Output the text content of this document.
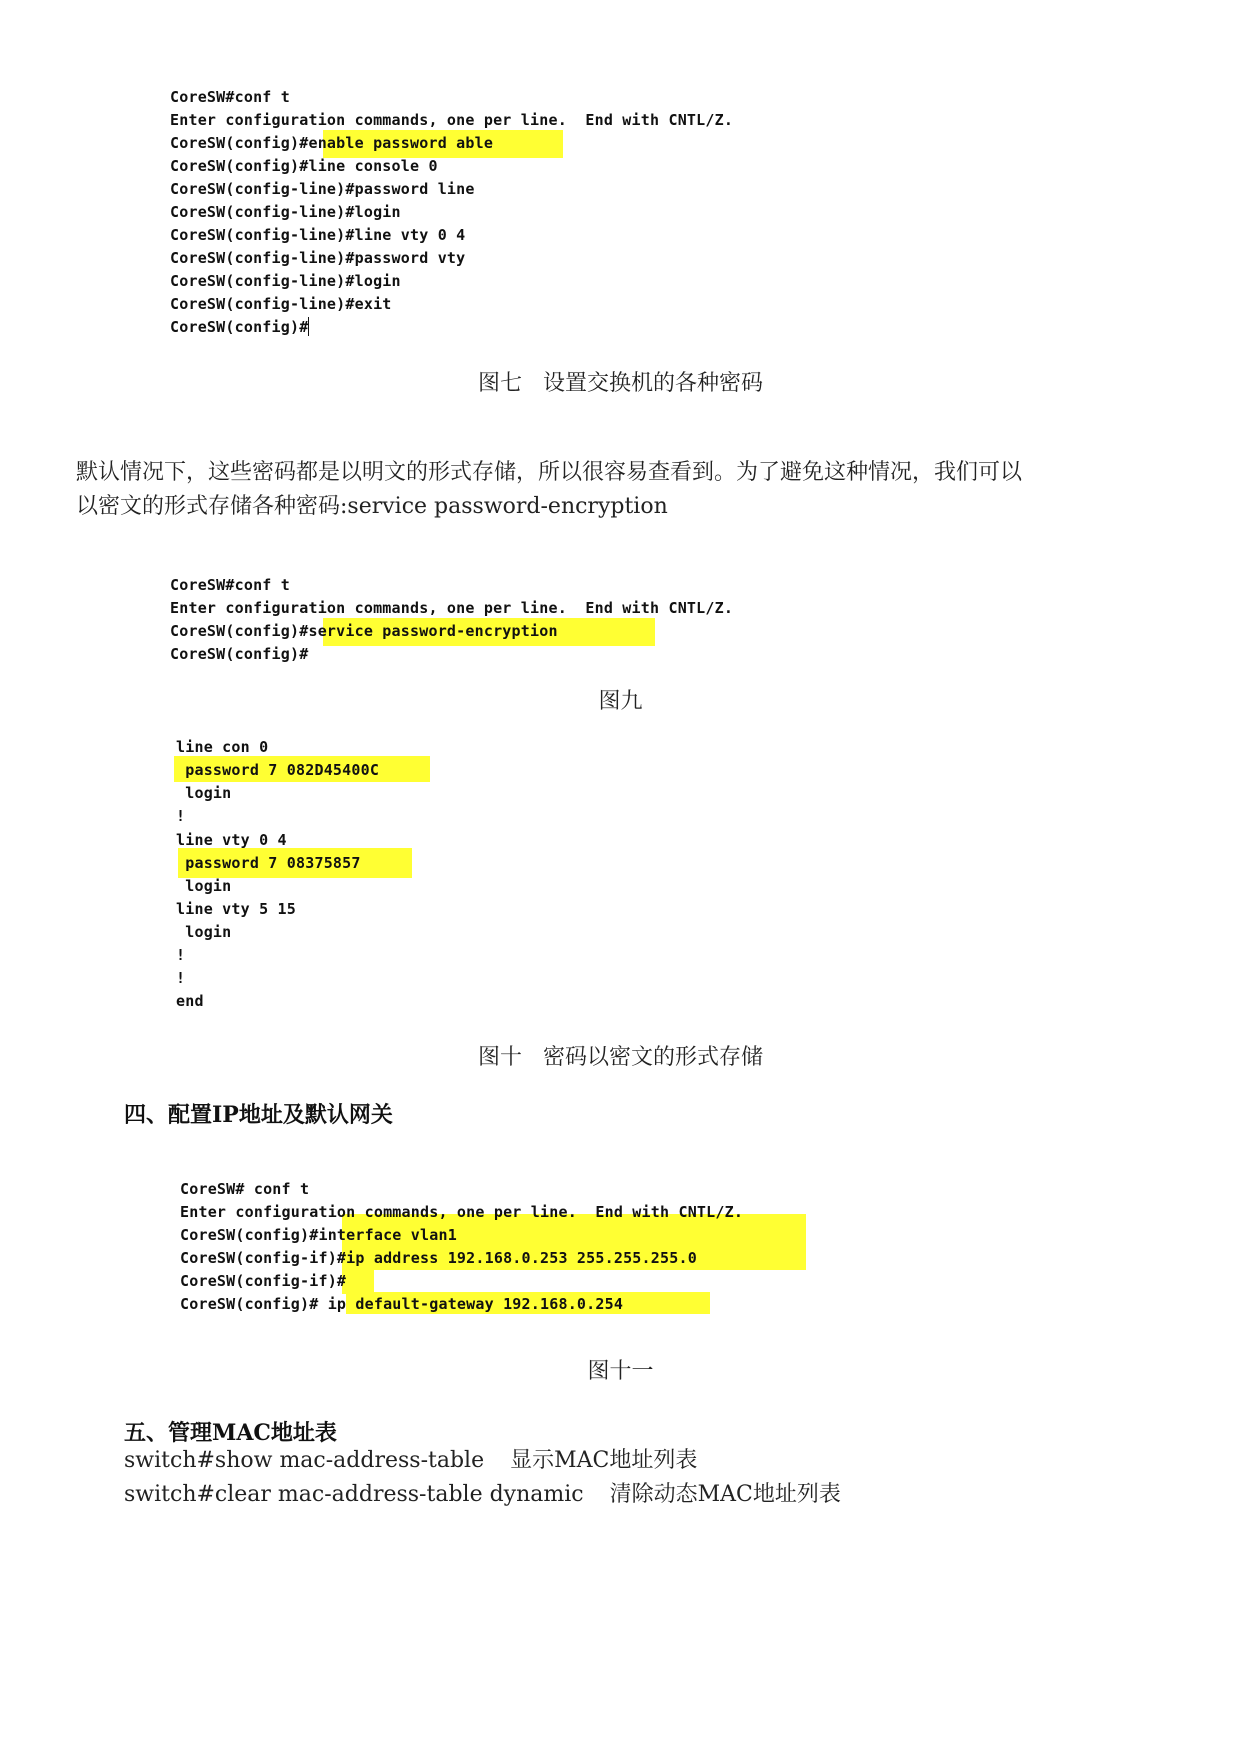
CoreSW#conf t
Enter configuration commands, one per line.  End with CNTL/Z.
CoreSW(config)#enable password able
CoreSW(config)#line console 0
CoreSW(config-line)#password line
CoreSW(config-line)#login
CoreSW(config-line)#line vty 0 4
CoreSW(config-line)#password vty
CoreSW(config-line)#login
CoreSW(config-line)#exit
CoreSW(config)#
图七   设置交换机的各种密码
默认情况下，这些密码都是以明文的形式存储，所以很容易查看到。为了避免这种情况，我们可以
以密文的形式存储各种密码:service password-encryption
CoreSW#conf t
Enter configuration commands, one per line.  End with CNTL/Z.
CoreSW(config)#service password-encryption
CoreSW(config)#
图九
line con 0
password 7 082D45400C
login
!
line vty 0 4
password 7 08375857
login
line vty 5 15
login
!
!
end
图十   密码以密文的形式存储
四、配置IP地址及默认网关
CoreSW# conf t
Enter configuration commands, one per line.  End with CNTL/Z.
CoreSW(config)#interface vlan1
CoreSW(config-if)#ip address 192.168.0.253 255.255.255.0
CoreSW(config-if)#
CoreSW(config)# ip default-gateway 192.168.0.254
图十一
五、管理MAC地址表
switch#show mac-address-table 显示MAC地址列表
switch#clear mac-address-table dynamic 清除动态MAC地址列表
